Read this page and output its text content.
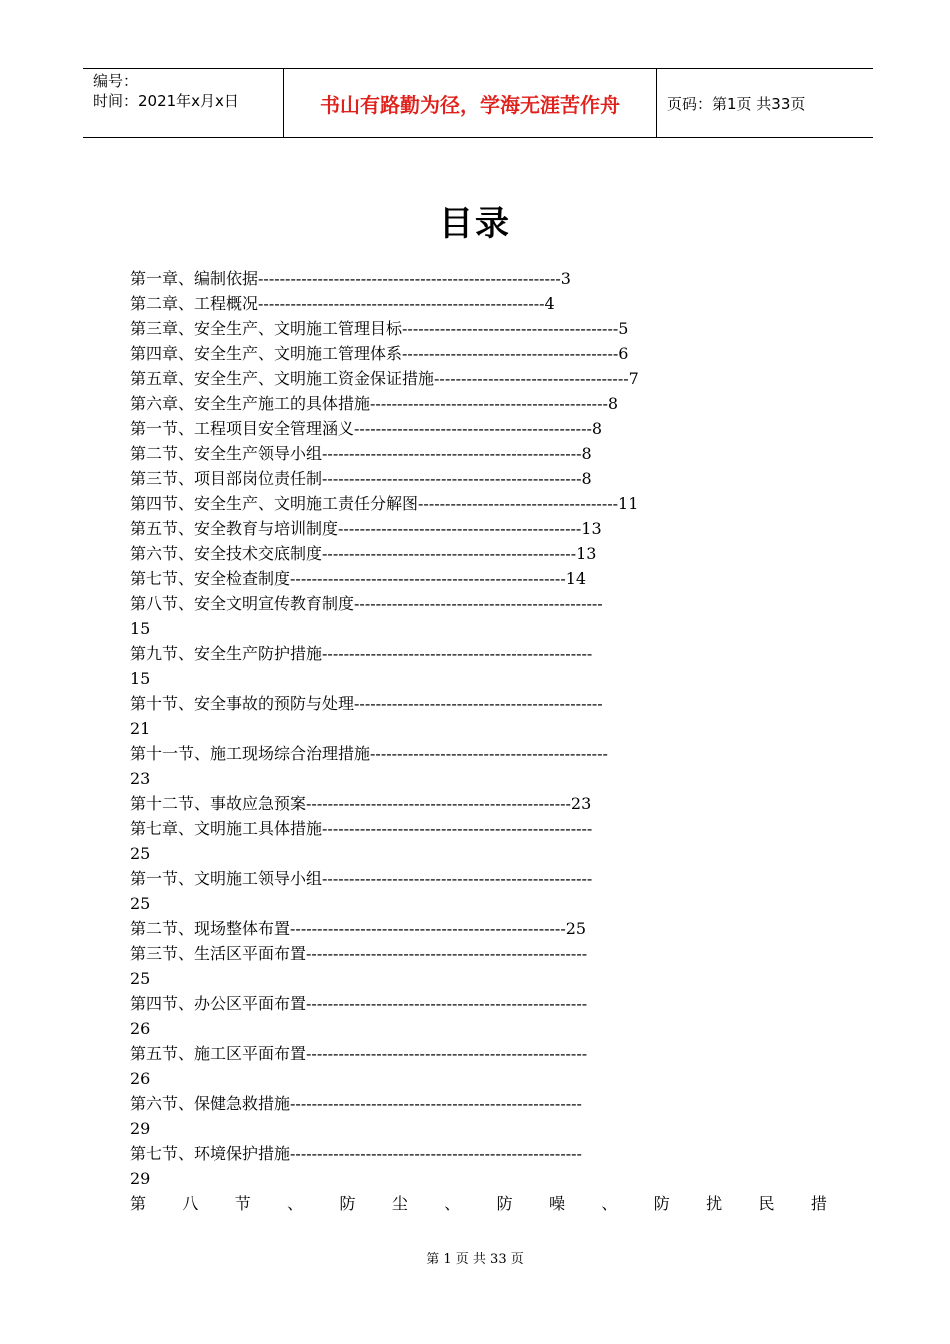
编号：
时间：2021年x月x日	书山有路勤为径，学海无涯苦作舟	页码：第1页 共33页
目录
第一章、编制依据--------------------------------------------------------3
第二章、工程概况-----------------------------------------------------4
第三章、安全生产、文明施工管理目标----------------------------------------5
第四章、安全生产、文明施工管理体系----------------------------------------6
第五章、安全生产、文明施工资金保证措施------------------------------------7
第六章、安全生产施工的具体措施--------------------------------------------8
第一节、工程项目安全管理涵义--------------------------------------------8
第二节、安全生产领导小组------------------------------------------------8
第三节、项目部岗位责任制------------------------------------------------8
第四节、安全生产、文明施工责任分解图-------------------------------------11
第五节、安全教育与培训制度---------------------------------------------13
第六节、安全技术交底制度-----------------------------------------------13
第七节、安全检查制度---------------------------------------------------14
第八节、安全文明宣传教育制度----------------------------------------------
15
第九节、安全生产防护措施--------------------------------------------------
15
第十节、安全事故的预防与处理----------------------------------------------
21
第十一节、施工现场综合治理措施--------------------------------------------
23
第十二节、事故应急预案-------------------------------------------------23
第七章、文明施工具体措施--------------------------------------------------
25
第一节、文明施工领导小组--------------------------------------------------
25
第二节、现场整体布置---------------------------------------------------25
第三节、生活区平面布置----------------------------------------------------
25
第四节、办公区平面布置----------------------------------------------------
26
第五节、施工区平面布置----------------------------------------------------
26
第六节、保健急救措施------------------------------------------------------
29
第七节、环境保护措施------------------------------------------------------
29
第 八 节 、 防 尘 、 防 噪 、 防 扰 民 措
第 1 页 共 33 页
